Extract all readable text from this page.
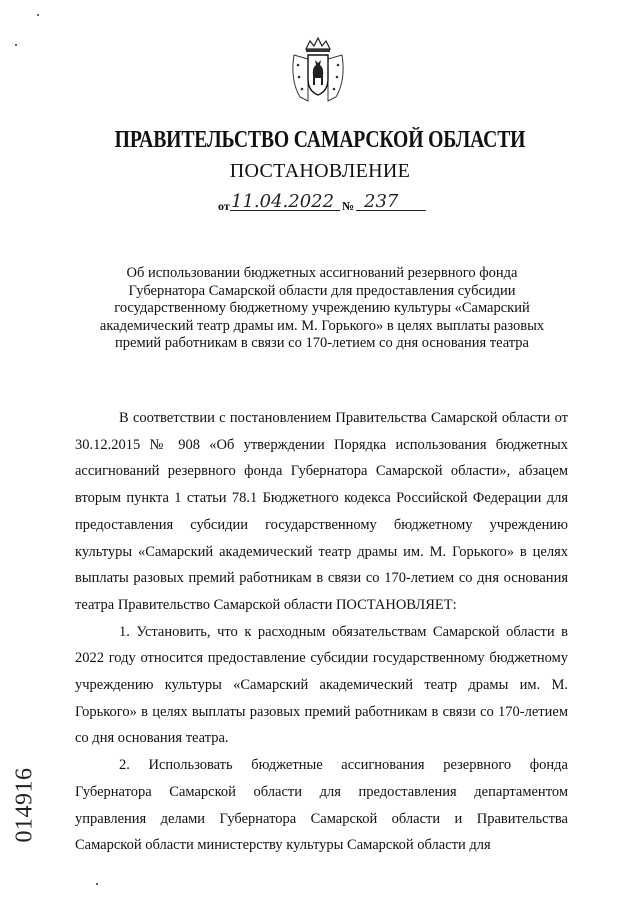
ПРАВИТЕЛЬСТВО САМАРСКОЙ ОБЛАСТИ
ПОСТАНОВЛЕНИЕ
от 11.04.2022 № 237
Об использовании бюджетных ассигнований резервного фонда Губернатора Самарской области для предоставления субсидии государственному бюджетному учреждению культуры «Самарский академический театр драмы им. М. Горького» в целях выплаты разовых премий работникам в связи со 170-летием со дня основания театра

В соответствии с постановлением Правительства Самарской области от 30.12.2015 № 908 «Об утверждении Порядка использования бюджетных ассигнований резервного фонда Губернатора Самарской области», абзацем вторым пункта 1 статьи 78.1 Бюджетного кодекса Российской Федерации для предоставления субсидии государственному бюджетному учреждению культуры «Самарский академический театр драмы им. М. Горького» в целях выплаты разовых премий работникам в связи со 170-летием со дня основания театра Правительство Самарской области ПОСТАНОВЛЯЕТ:

1. Установить, что к расходным обязательствам Самарской области в 2022 году относится предоставление субсидии государственному бюджетному учреждению культуры «Самарский академический театр драмы им. М. Горького» в целях выплаты разовых премий работникам в связи со 170-летием со дня основания театра.

2. Использовать бюджетные ассигнования резервного фонда Губернатора Самарской области для предоставления департаментом управления делами Губернатора Самарской области и Правительства Самарской области министерству культуры Самарской области для

014916
